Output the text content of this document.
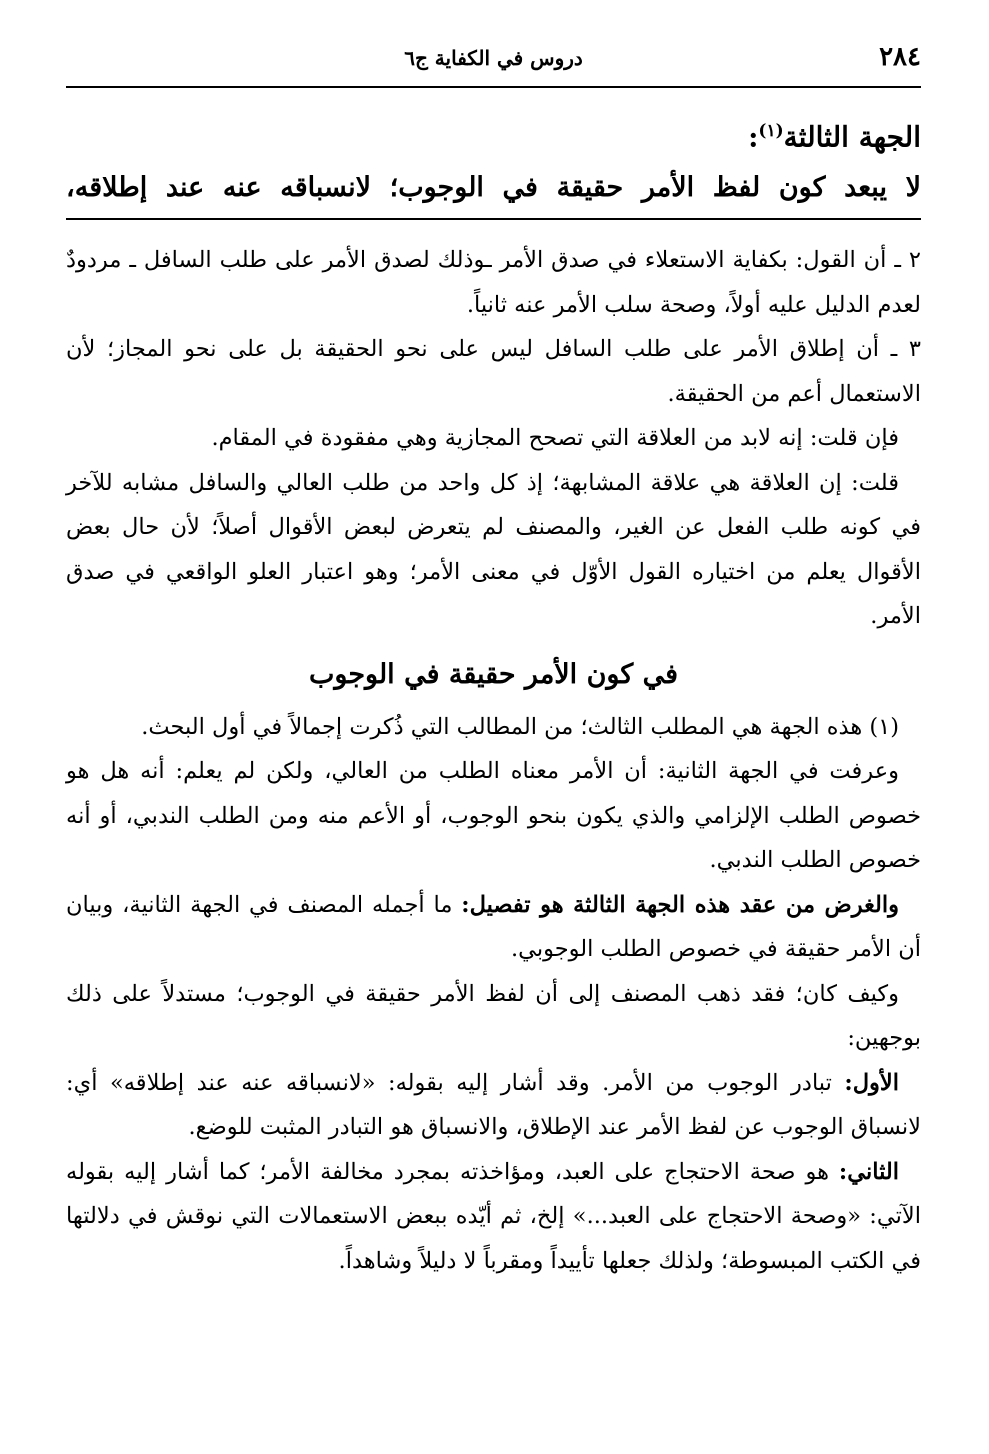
٢٨٤
دروس في الكفاية ج٦
الجهة الثالثة$^{(١)}$:
لا يبعد كون لفظ الأمر حقيقة في الوجوب؛ لانسباقه عنه عند إطلاقه،

٢ ـ أن القول: بكفاية الاستعلاء في صدق الأمر ـوذلك لصدق الأمر على طلب السافل ـ مردودٌ لعدم الدليل عليه أولاً، وصحة سلب الأمر عنه ثانياً.

٣ ـ أن إطلاق الأمر على طلب السافل ليس على نحو الحقيقة بل على نحو المجاز؛ لأن الاستعمال أعم من الحقيقة.

فإن قلت: إنه لابد من العلاقة التي تصحح المجازية وهي مفقودة في المقام.

قلت: إن العلاقة هي علاقة المشابهة؛ إذ كل واحد من طلب العالي والسافل مشابه للآخر في كونه طلب الفعل عن الغير، والمصنف لم يتعرض لبعض الأقوال أصلاً؛ لأن حال بعض الأقوال يعلم من اختياره القول الأوّل في معنى الأمر؛ وهو اعتبار العلو الواقعي في صدق الأمر.

في كون الأمر حقيقة في الوجوب

(١) هذه الجهة هي المطلب الثالث؛ من المطالب التي ذُكرت إجمالاً في أول البحث.

وعرفت في الجهة الثانية: أن الأمر معناه الطلب من العالي، ولكن لم يعلم: أنه هل هو خصوص الطلب الإلزامي والذي يكون بنحو الوجوب، أو الأعم منه ومن الطلب الندبي، أو أنه خصوص الطلب الندبي.

والغرض من عقد هذه الجهة الثالثة هو تفصيل: ما أجمله المصنف في الجهة الثانية، وبيان أن الأمر حقيقة في خصوص الطلب الوجوبي.

وكيف كان؛ فقد ذهب المصنف إلى أن لفظ الأمر حقيقة في الوجوب؛ مستدلاً على ذلك بوجهين:

الأول: تبادر الوجوب من الأمر. وقد أشار إليه بقوله: «لانسباقه عنه عند إطلاقه» أي: لانسباق الوجوب عن لفظ الأمر عند الإطلاق، والانسباق هو التبادر المثبت للوضع.

الثاني: هو صحة الاحتجاج على العبد، ومؤاخذته بمجرد مخالفة الأمر؛ كما أشار إليه بقوله الآتي: «وصحة الاحتجاج على العبد...» إلخ، ثم أيّده ببعض الاستعمالات التي نوقش في دلالتها في الكتب المبسوطة؛ ولذلك جعلها تأييداً ومقرباً لا دليلاً وشاهداً.
